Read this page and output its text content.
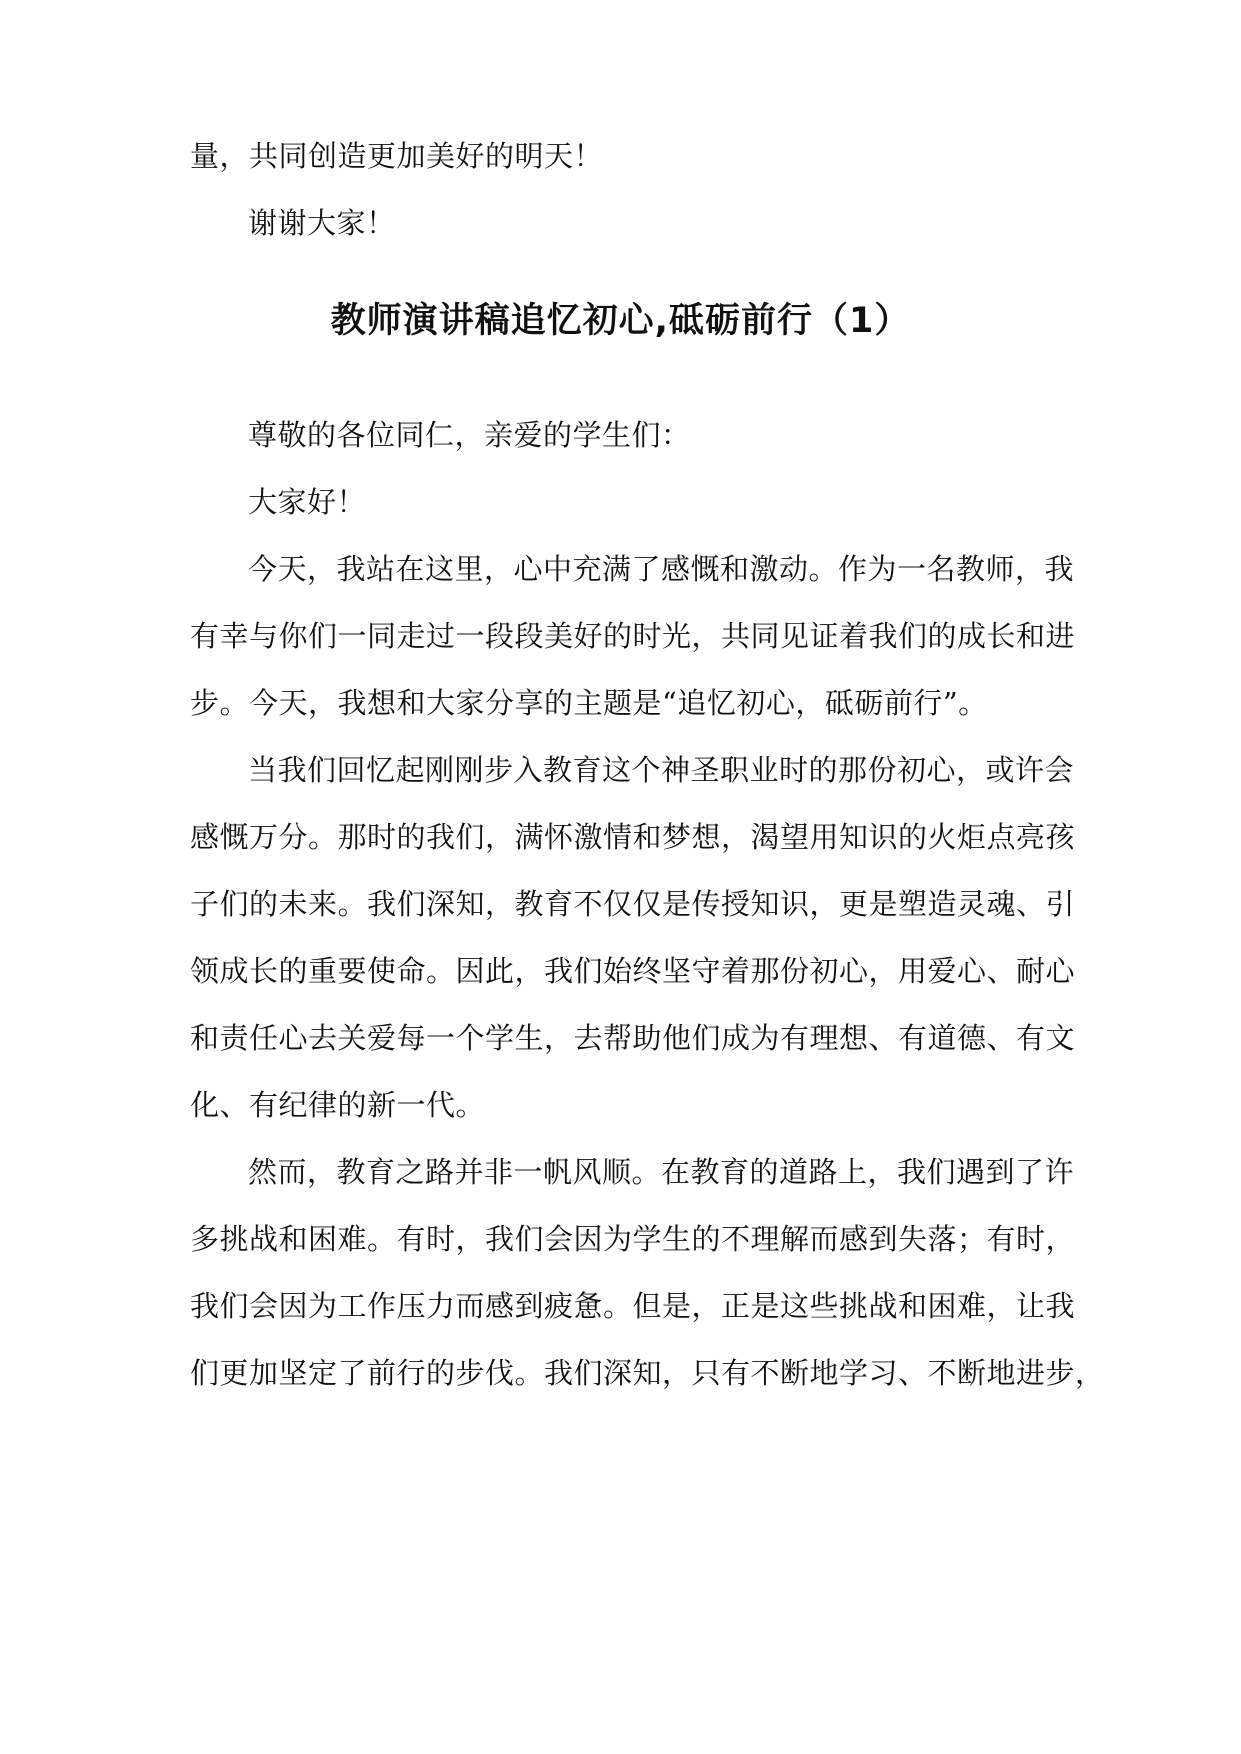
量，共同创造更加美好的明天！
谢谢大家！
教师演讲稿追忆初心,砥砺前行（1）
尊敬的各位同仁，亲爱的学生们：
大家好！
今天，我站在这里，心中充满了感慨和激动。作为一名教师，我
有幸与你们一同走过一段段美好的时光，共同见证着我们的成长和进
步。今天，我想和大家分享的主题是“追忆初心，砥砺前行”。
当我们回忆起刚刚步入教育这个神圣职业时的那份初心，或许会
感慨万分。那时的我们，满怀激情和梦想，渴望用知识的火炬点亮孩
子们的未来。我们深知，教育不仅仅是传授知识，更是塑造灵魂、引
领成长的重要使命。因此，我们始终坚守着那份初心，用爱心、耐心
和责任心去关爱每一个学生，去帮助他们成为有理想、有道德、有文
化、有纪律的新一代。
然而，教育之路并非一帆风顺。在教育的道路上，我们遇到了许
多挑战和困难。有时，我们会因为学生的不理解而感到失落；有时，
我们会因为工作压力而感到疲惫。但是，正是这些挑战和困难，让我
们更加坚定了前行的步伐。我们深知，只有不断地学习、不断地进步，
